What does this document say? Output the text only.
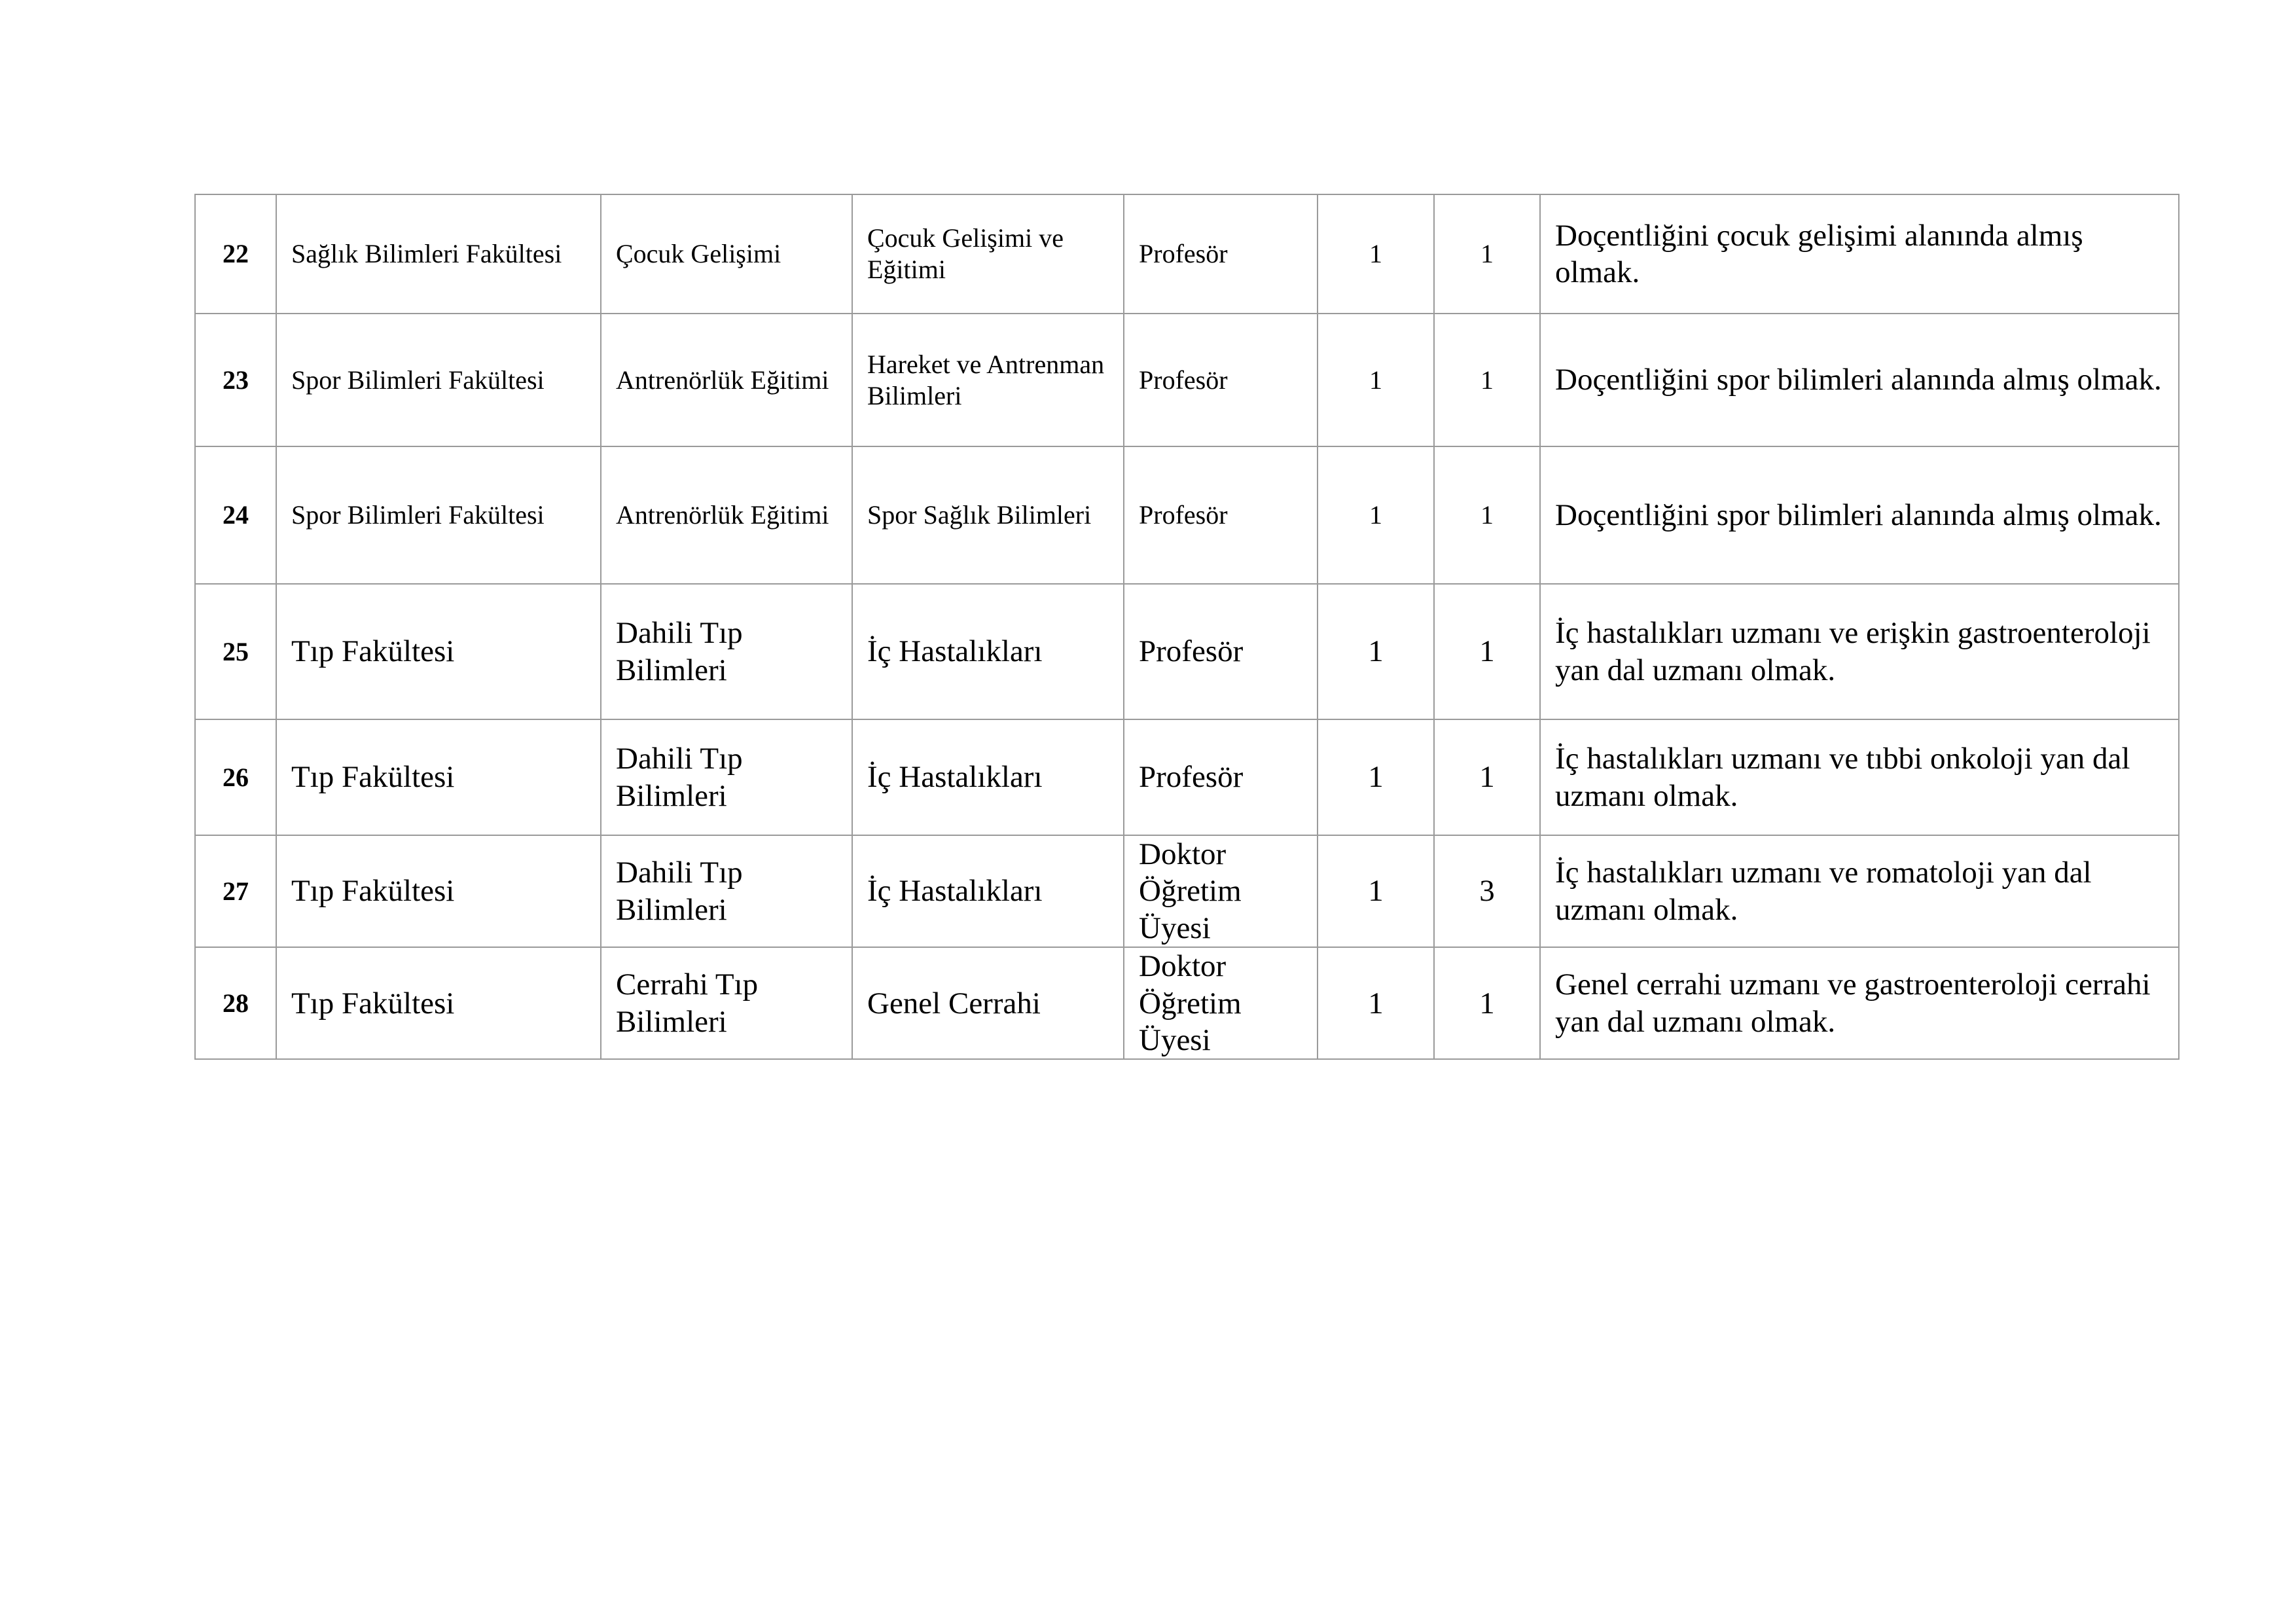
22	Sağlık Bilimleri Fakültesi	Çocuk Gelişimi	Çocuk Gelişimi ve Eğitimi	Profesör	1	1	Doçentliğini çocuk gelişimi alanında almış olmak.
23	Spor Bilimleri Fakültesi	Antrenörlük Eğitimi	Hareket ve Antrenman Bilimleri	Profesör	1	1	Doçentliğini spor bilimleri alanında almış olmak.
24	Spor Bilimleri Fakültesi	Antrenörlük Eğitimi	Spor Sağlık Bilimleri	Profesör	1	1	Doçentliğini spor bilimleri alanında almış olmak.
25	Tıp Fakültesi	Dahili Tıp Bilimleri	İç Hastalıkları	Profesör	1	1	İç hastalıkları uzmanı ve erişkin gastroenteroloji yan dal uzmanı olmak.
26	Tıp Fakültesi	Dahili Tıp Bilimleri	İç Hastalıkları	Profesör	1	1	İç hastalıkları uzmanı ve tıbbi onkoloji yan dal uzmanı olmak.
27	Tıp Fakültesi	Dahili Tıp Bilimleri	İç Hastalıkları	Doktor Öğretim Üyesi	1	3	İç hastalıkları uzmanı ve romatoloji yan dal uzmanı olmak.
28	Tıp Fakültesi	Cerrahi Tıp Bilimleri	Genel Cerrahi	Doktor Öğretim Üyesi	1	1	Genel cerrahi uzmanı ve gastroenteroloji cerrahi yan dal uzmanı olmak.
